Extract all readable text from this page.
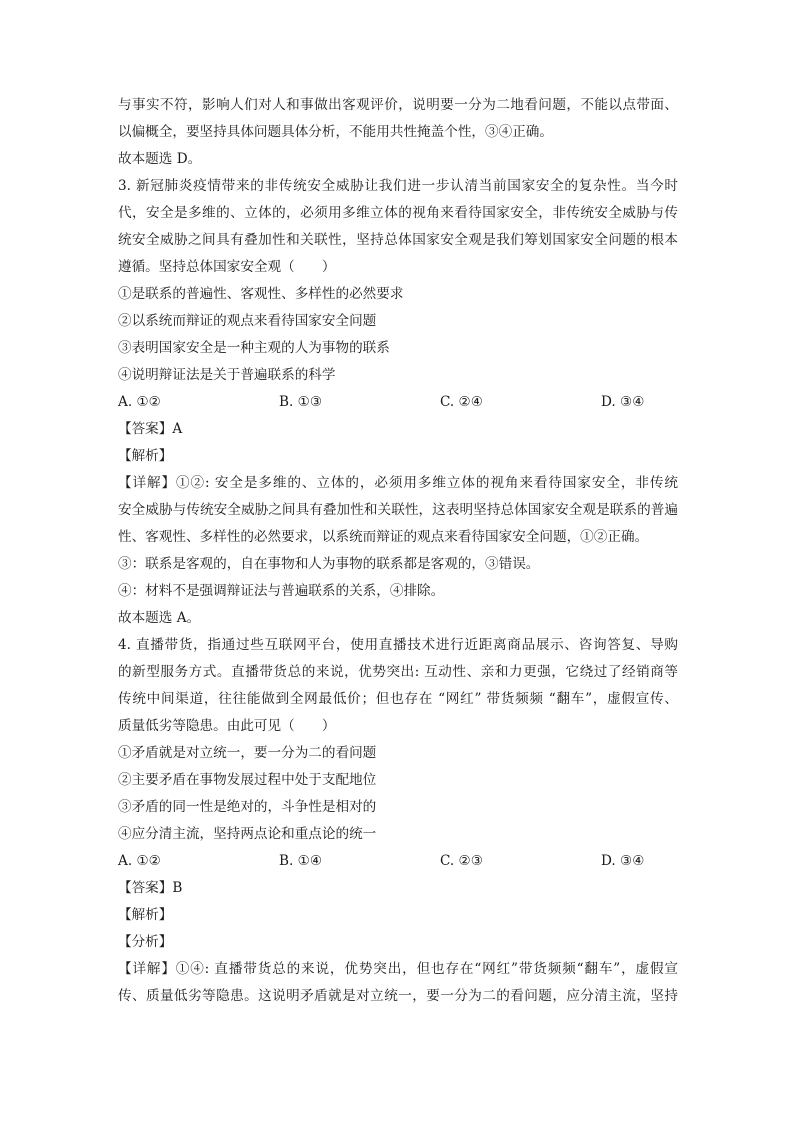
与事实不符，影响人们对人和事做出客观评价，说明要一分为二地看问题，不能以点带面、
以偏概全，要坚持具体问题具体分析，不能用共性掩盖个性，③④正确。
故本题选 D。
3. 新冠肺炎疫情带来的非传统安全威胁让我们进一步认清当前国家安全的复杂性。当今时
代，安全是多维的、立体的，必须用多维立体的视角来看待国家安全，非传统安全威胁与传
统安全威胁之间具有叠加性和关联性，坚持总体国家安全观是我们筹划国家安全问题的根本
遵循。坚持总体国家安全观（　　）
①是联系的普遍性、客观性、多样性的必然要求
②以系统而辩证的观点来看待国家安全问题
③表明国家安全是一种主观的人为事物的联系
④说明辩证法是关于普遍联系的科学
A. ①②	B. ①③	C. ②④	D. ③④
【答案】A
【解析】
【详解】①②: 安全是多维的、立体的，必须用多维立体的视角来看待国家安全，非传统
安全威胁与传统安全威胁之间具有叠加性和关联性，这表明坚持总体国家安全观是联系的普遍
性、客观性、多样性的必然要求，以系统而辩证的观点来看待国家安全问题，①②正确。
③：联系是客观的，自在事物和人为事物的联系都是客观的，③错误。
④：材料不是强调辩证法与普遍联系的关系，④排除。
故本题选 A。
4. 直播带货，指通过些互联网平台，使用直播技术进行近距离商品展示、咨询答复、导购
的新型服务方式。直播带货总的来说，优势突出: 互动性、亲和力更强，它绕过了经销商等
传统中间渠道，往往能做到全网最低价；但也存在 “网红” 带货频频 “翻车”，虚假宣传、
质量低劣等隐患。由此可见（　　）
①矛盾就是对立统一，要一分为二的看问题
②主要矛盾在事物发展过程中处于支配地位
③矛盾的同一性是绝对的，斗争性是相对的
④应分清主流，坚持两点论和重点论的统一
A. ①②	B. ①④	C. ②③	D. ③④
【答案】B
【解析】
【分析】
【详解】①④: 直播带货总的来说，优势突出，但也存在“网红”带货频频“翻车”，虚假宣
传、质量低劣等隐患。这说明矛盾就是对立统一，要一分为二的看问题，应分清主流，坚持
